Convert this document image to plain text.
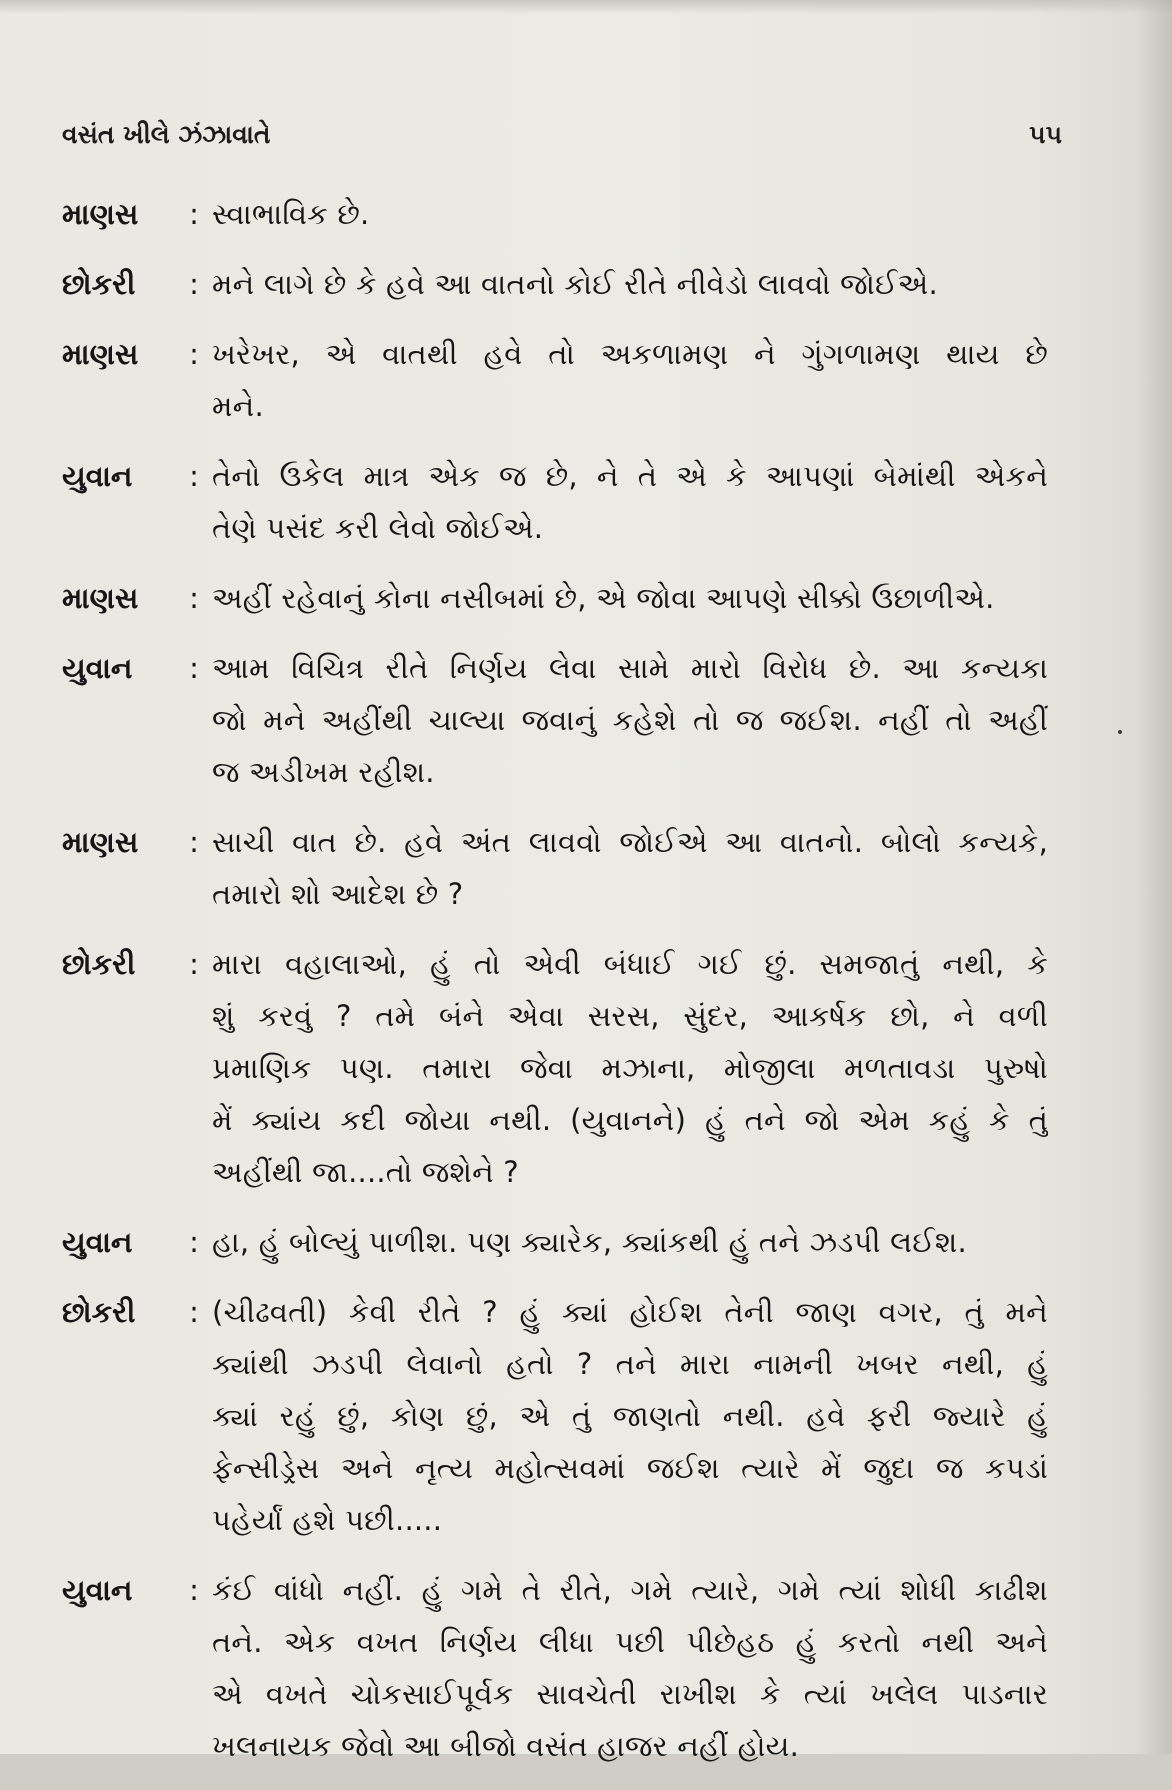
વસંત ખીલે ઝંઝાવાતે	૫૫
માણસ	: સ્વાભાવિક છે.
છોકરી	: મને લાગે છે કે હવે આ વાતનો કોઈ રીતે નીવેડો લાવવો જોઈએ.
માણસ	: ખરેખર, એ વાતથી હવે તો અકળામણ ને ગુંગળામણ થાય છે
મને.
યુવાન	: તેનો ઉકેલ માત્ર એક જ છે, ને તે એ કે આપણાં બેમાંથી એકને
તેણે પસંદ કરી લેવો જોઈએ.
માણસ	: અહીં રહેવાનું કોના નસીબમાં છે, એ જોવા આપણે સીક્કો ઉછાળીએ.
યુવાન	: આમ વિચિત્ર રીતે નિર્ણય લેવા સામે મારો વિરોધ છે. આ કન્યકા
જો મને અહીંથી ચાલ્યા જવાનું કહેશે તો જ જઈશ. નહીં તો અહીં
જ અડીખમ રહીશ.
માણસ	: સાચી વાત છે. હવે અંત લાવવો જોઈએ આ વાતનો. બોલો કન્યકે,
તમારો શો આદેશ છે ?
છોકરી	: મારા વહાલાઓ, હું તો એવી બંધાઈ ગઈ છું. સમજાતું નથી, કે
શું કરવું ? તમે બંને એવા સરસ, સુંદર, આકર્ષક છો, ને વળી
પ્રમાણિક પણ. તમારા જેવા મઝાના, મોજીલા મળતાવડા પુરુષો
મેં ક્યાંય કદી જોયા નથી. (યુવાનને) હું તને જો એમ કહું કે તું
અહીંથી જા....તો જશેને ?
યુવાન	: હા, હું બોલ્યું પાળીશ. પણ ક્યારેક, ક્યાંકથી હું તને ઝડપી લઈશ.
છોકરી	: (ચીઢવતી) કેવી રીતે ? હું ક્યાં હોઈશ તેની જાણ વગર, તું મને
ક્યાંથી ઝડપી લેવાનો હતો ? તને મારા નામની ખબર નથી, હું
ક્યાં રહું છું, કોણ છું, એ તું જાણતો નથી. હવે ફરી જ્યારે હું
ફેન્સીડ્રેસ અને નૃત્ય મહોત્સવમાં જઈશ ત્યારે મેં જુદા જ કપડાં
પહેર્યાં હશે પછી.....
યુવાન	: કંઈ વાંધો નહીં. હું ગમે તે રીતે, ગમે ત્યારે, ગમે ત્યાં શોધી કાઢીશ
તને. એક વખત નિર્ણય લીધા પછી પીછેહઠ હું કરતો નથી અને
એ વખતે ચોકસાઈપૂર્વક સાવચેતી રાખીશ કે ત્યાં ખલેલ પાડનાર
ખલનાયક જેવો આ બીજો વસંત હાજર નહીં હોય.
